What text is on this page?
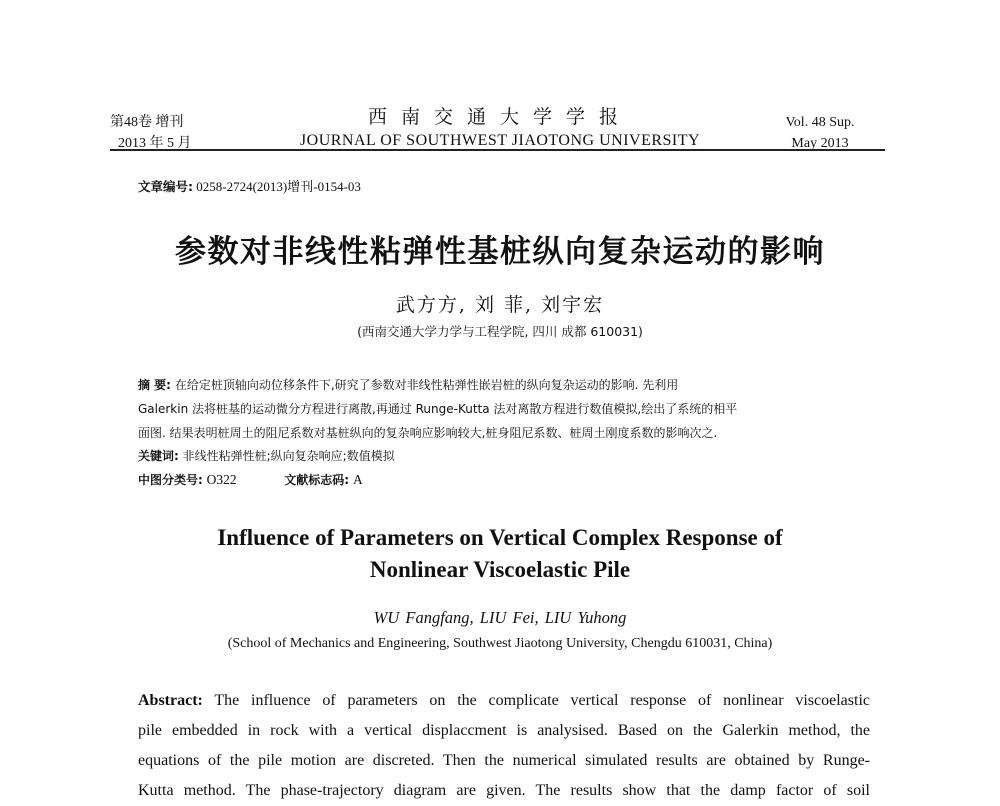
第48卷 增刊
2013 年 5 月
西南交通大学学报
JOURNAL OF SOUTHWEST JIAOTONG UNIVERSITY
Vol. 48 Sup.
May 2013
文章编号: 0258-2724(2013)增刊-0154-03
参数对非线性粘弹性基桩纵向复杂运动的影响
武方方, 刘 菲, 刘宇宏
(西南交通大学力学与工程学院, 四川 成都 610031)
摘 要: 在给定桩顶轴向动位移条件下,研究了参数对非线性粘弹性嵌岩桩的纵向复杂运动的影响. 先利用
Galerkin 法将桩基的运动微分方程进行离散,再通过 Runge-Kutta 法对离散方程进行数值模拟,绘出了系统的相平
面图. 结果表明桩周土的阻尼系数对基桩纵向的复杂响应影响较大,桩身阻尼系数、桩周土刚度系数的影响次之.
关键词: 非线性粘弹性桩;纵向复杂响应;数值模拟
中图分类号: O322	文献标志码: A
Influence of Parameters on Vertical Complex Response of
Nonlinear Viscoelastic Pile
WU Fangfang, LIU Fei, LIU Yuhong
(School of Mechanics and Engineering, Southwest Jiaotong University, Chengdu 610031, China)
Abstract: The influence of parameters on the complicate vertical response of nonlinear viscoelastic
pile embedded in rock with a vertical displaccment is analysised. Based on the Galerkin method, the
equations of the pile motion are discreted. Then the numerical simulated results are obtained by Runge-
Kutta method. The phase-trajectory diagram are given. The results show that the damp factor of soil
